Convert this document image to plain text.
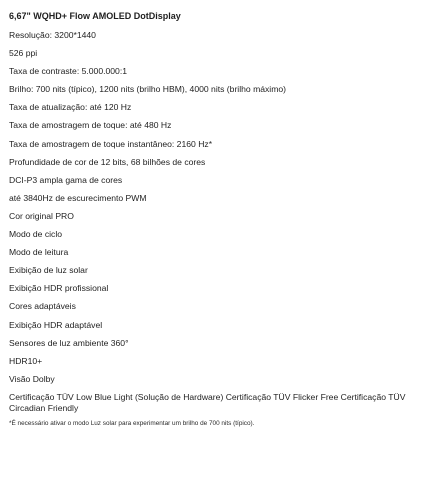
6,67" WQHD+ Flow AMOLED DotDisplay
Resolução: 3200*1440
526 ppi
Taxa de contraste: 5.000.000:1
Brilho: 700 nits (típico), 1200 nits (brilho HBM), 4000 nits (brilho máximo)
Taxa de atualização: até 120 Hz
Taxa de amostragem de toque: até 480 Hz
Taxa de amostragem de toque instantâneo: 2160 Hz*
Profundidade de cor de 12 bits, 68 bilhões de cores
DCI-P3 ampla gama de cores
até 3840Hz de escurecimento PWM
Cor original PRO
Modo de ciclo
Modo de leitura
Exibição de luz solar
Exibição HDR profissional
Cores adaptáveis
Exibição HDR adaptável
Sensores de luz ambiente 360°
HDR10+
Visão Dolby
Certificação TÜV Low Blue Light (Solução de Hardware) Certificação TÜV Flicker Free Certificação TÜV Circadian Friendly
*É necessário ativar o modo Luz solar para experimentar um brilho de 700 nits (típico).
